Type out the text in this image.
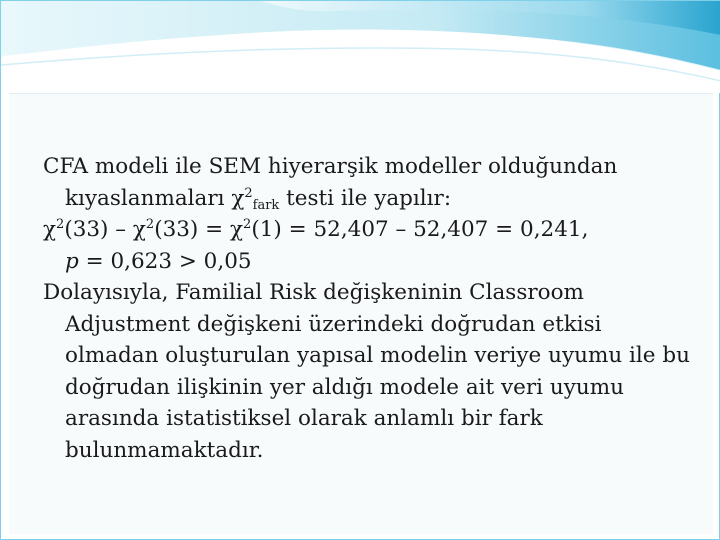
CFA modeli ile SEM hiyerarşik modeller olduğundan kıyaslanmaları $\chi^2_{fark}$ testi ile yapılır:

$\chi^2(33) - \chi^2(33) = \chi^2(1) = 52,407 - 52,407 = 0,241$,
p = 0,623 > 0,05

Dolayısıyla, Familial Risk değişkeninin Classroom Adjustment değişkeni üzerindeki doğrudan etkisi olmadan oluşturulan yapısal modelin veriye uyumu ile bu doğrudan ilişkinin yer aldığı modele ait veri uyumu arasında istatistiksel olarak anlamlı bir fark bulunmamaktadır.
